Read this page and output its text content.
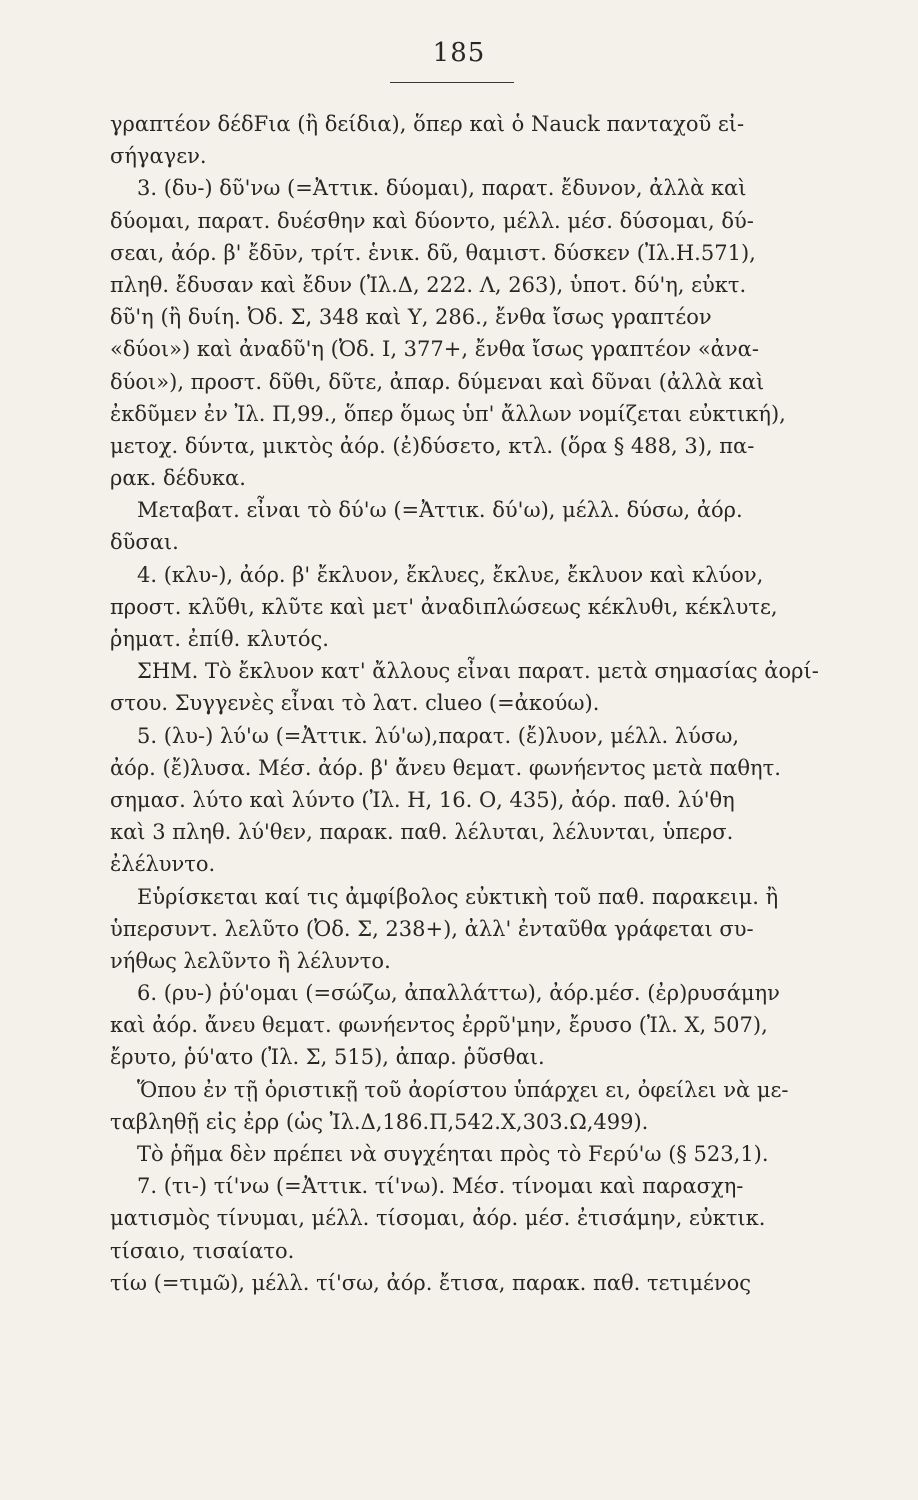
185
γραπτέον δέδFια (ἢ δείδια), ὅπερ καὶ ὁ Nauck πανταχοῦ εἰ-
σήγαγεν.
3. (δυ-) δῦ'νω (=Ἀττικ. δύομαι), παρατ. ἔδυνον, ἀλλὰ καὶ
δύομαι, παρατ. δυέσθην καὶ δύοντο, μέλλ. μέσ. δύσομαι, δύ-
σεαι, ἀόρ. β' ἔδῡν, τρίτ. ἑνικ. δῦ, θαμιστ. δύσκεν (Ἰλ.Η.571),
πληθ. ἔδυσαν καὶ ἔδυν (Ἰλ.Δ, 222. Λ, 263), ὑποτ. δύ'η, εὐκτ.
δῦ'η (ἢ δυίη. Ὀδ. Σ, 348 καὶ Υ, 286., ἔνθα ἴσως γραπτέον
«δύοι») καὶ ἀναδῦ'η (Ὀδ. Ι, 377+, ἔνθα ἴσως γραπτέον «ἀνα-
δύοι»), προστ. δῦθι, δῦτε, ἀπαρ. δύμεναι καὶ δῦναι (ἀλλὰ καὶ
ἐκδῦμεν ἐν Ἰλ. Π,99., ὅπερ ὅμως ὑπ' ἄλλων νομίζεται εὐκτική),
μετοχ. δύντα, μικτὸς ἀόρ. (ἐ)δύσετο, κτλ. (ὅρα § 488, 3), πα-
ρακ. δέδυκα.
Μεταβατ. εἶναι τὸ δύ'ω (=Ἀττικ. δύ'ω), μέλλ. δύσω, ἀόρ.
δῦσαι.
4. (κλυ-), ἀόρ. β' ἔκλυον, ἔκλυες, ἔκλυε, ἔκλυον καὶ κλύον,
προστ. κλῦθι, κλῦτε καὶ μετ' ἀναδιπλώσεως κέκλυθι, κέκλυτε,
ῥηματ. ἐπίθ. κλυτός.
ΣΗΜ. Τὸ ἔκλυον κατ' ἄλλους εἶναι παρατ. μετὰ σημασίας ἀορί-
στου. Συγγενὲς εἶναι τὸ λατ. clueo (=ἀκούω).
5. (λυ-) λύ'ω (=Ἀττικ. λύ'ω),παρατ. (ἔ)λυον, μέλλ. λύσω,
ἀόρ. (ἔ)λυσα. Μέσ. ἀόρ. β' ἄνευ θεματ. φωνήεντος μετὰ παθητ.
σημασ. λύτο καὶ λύντο (Ἰλ. Η, 16. Ο, 435), ἀόρ. παθ. λύ'θη
καὶ 3 πληθ. λύ'θεν, παρακ. παθ. λέλυται, λέλυνται, ὑπερσ.
ἐλέλυντο.
Εὑρίσκεται καί τις ἀμφίβολος εὐκτικὴ τοῦ παθ. παρακειμ. ἢ
ὑπερσυντ. λελῦτο (Ὀδ. Σ, 238+), ἀλλ' ἐνταῦθα γράφεται συ-
νήθως λελῦντο ἢ λέλυντο.
6. (ρυ-) ῥύ'ομαι (=σώζω, ἀπαλλάττω), ἀόρ.μέσ. (ἐρ)ρυσάμην
καὶ ἀόρ. ἄνευ θεματ. φωνήεντος ἐρρῦ'μην, ἔρυσο (Ἰλ. Χ, 507),
ἔρυτο, ῥύ'ατο (Ἰλ. Σ, 515), ἀπαρ. ῥῦσθαι.
Ὅπου ἐν τῇ ὁριστικῇ τοῦ ἀορίστου ὑπάρχει ει, ὀφείλει νὰ με-
ταβληθῇ εἰς ἐρρ (ὡς Ἰλ.Δ,186.Π,542.Χ,303.Ω,499).
Τὸ ῥῆμα δὲν πρέπει νὰ συγχέηται πρὸς τὸ Fερύ'ω (§ 523,1).
7. (τι-) τί'νω (=Ἀττικ. τί'νω). Μέσ. τίνομαι καὶ παρασχη-
ματισμὸς τίνυμαι, μέλλ. τίσομαι, ἀόρ. μέσ. ἐτισάμην, εὐκτικ.
τίσαιο, τισαίατο.
τίω (=τιμῶ), μέλλ. τί'σω, ἀόρ. ἔτισα, παρακ. παθ. τετιμένος
